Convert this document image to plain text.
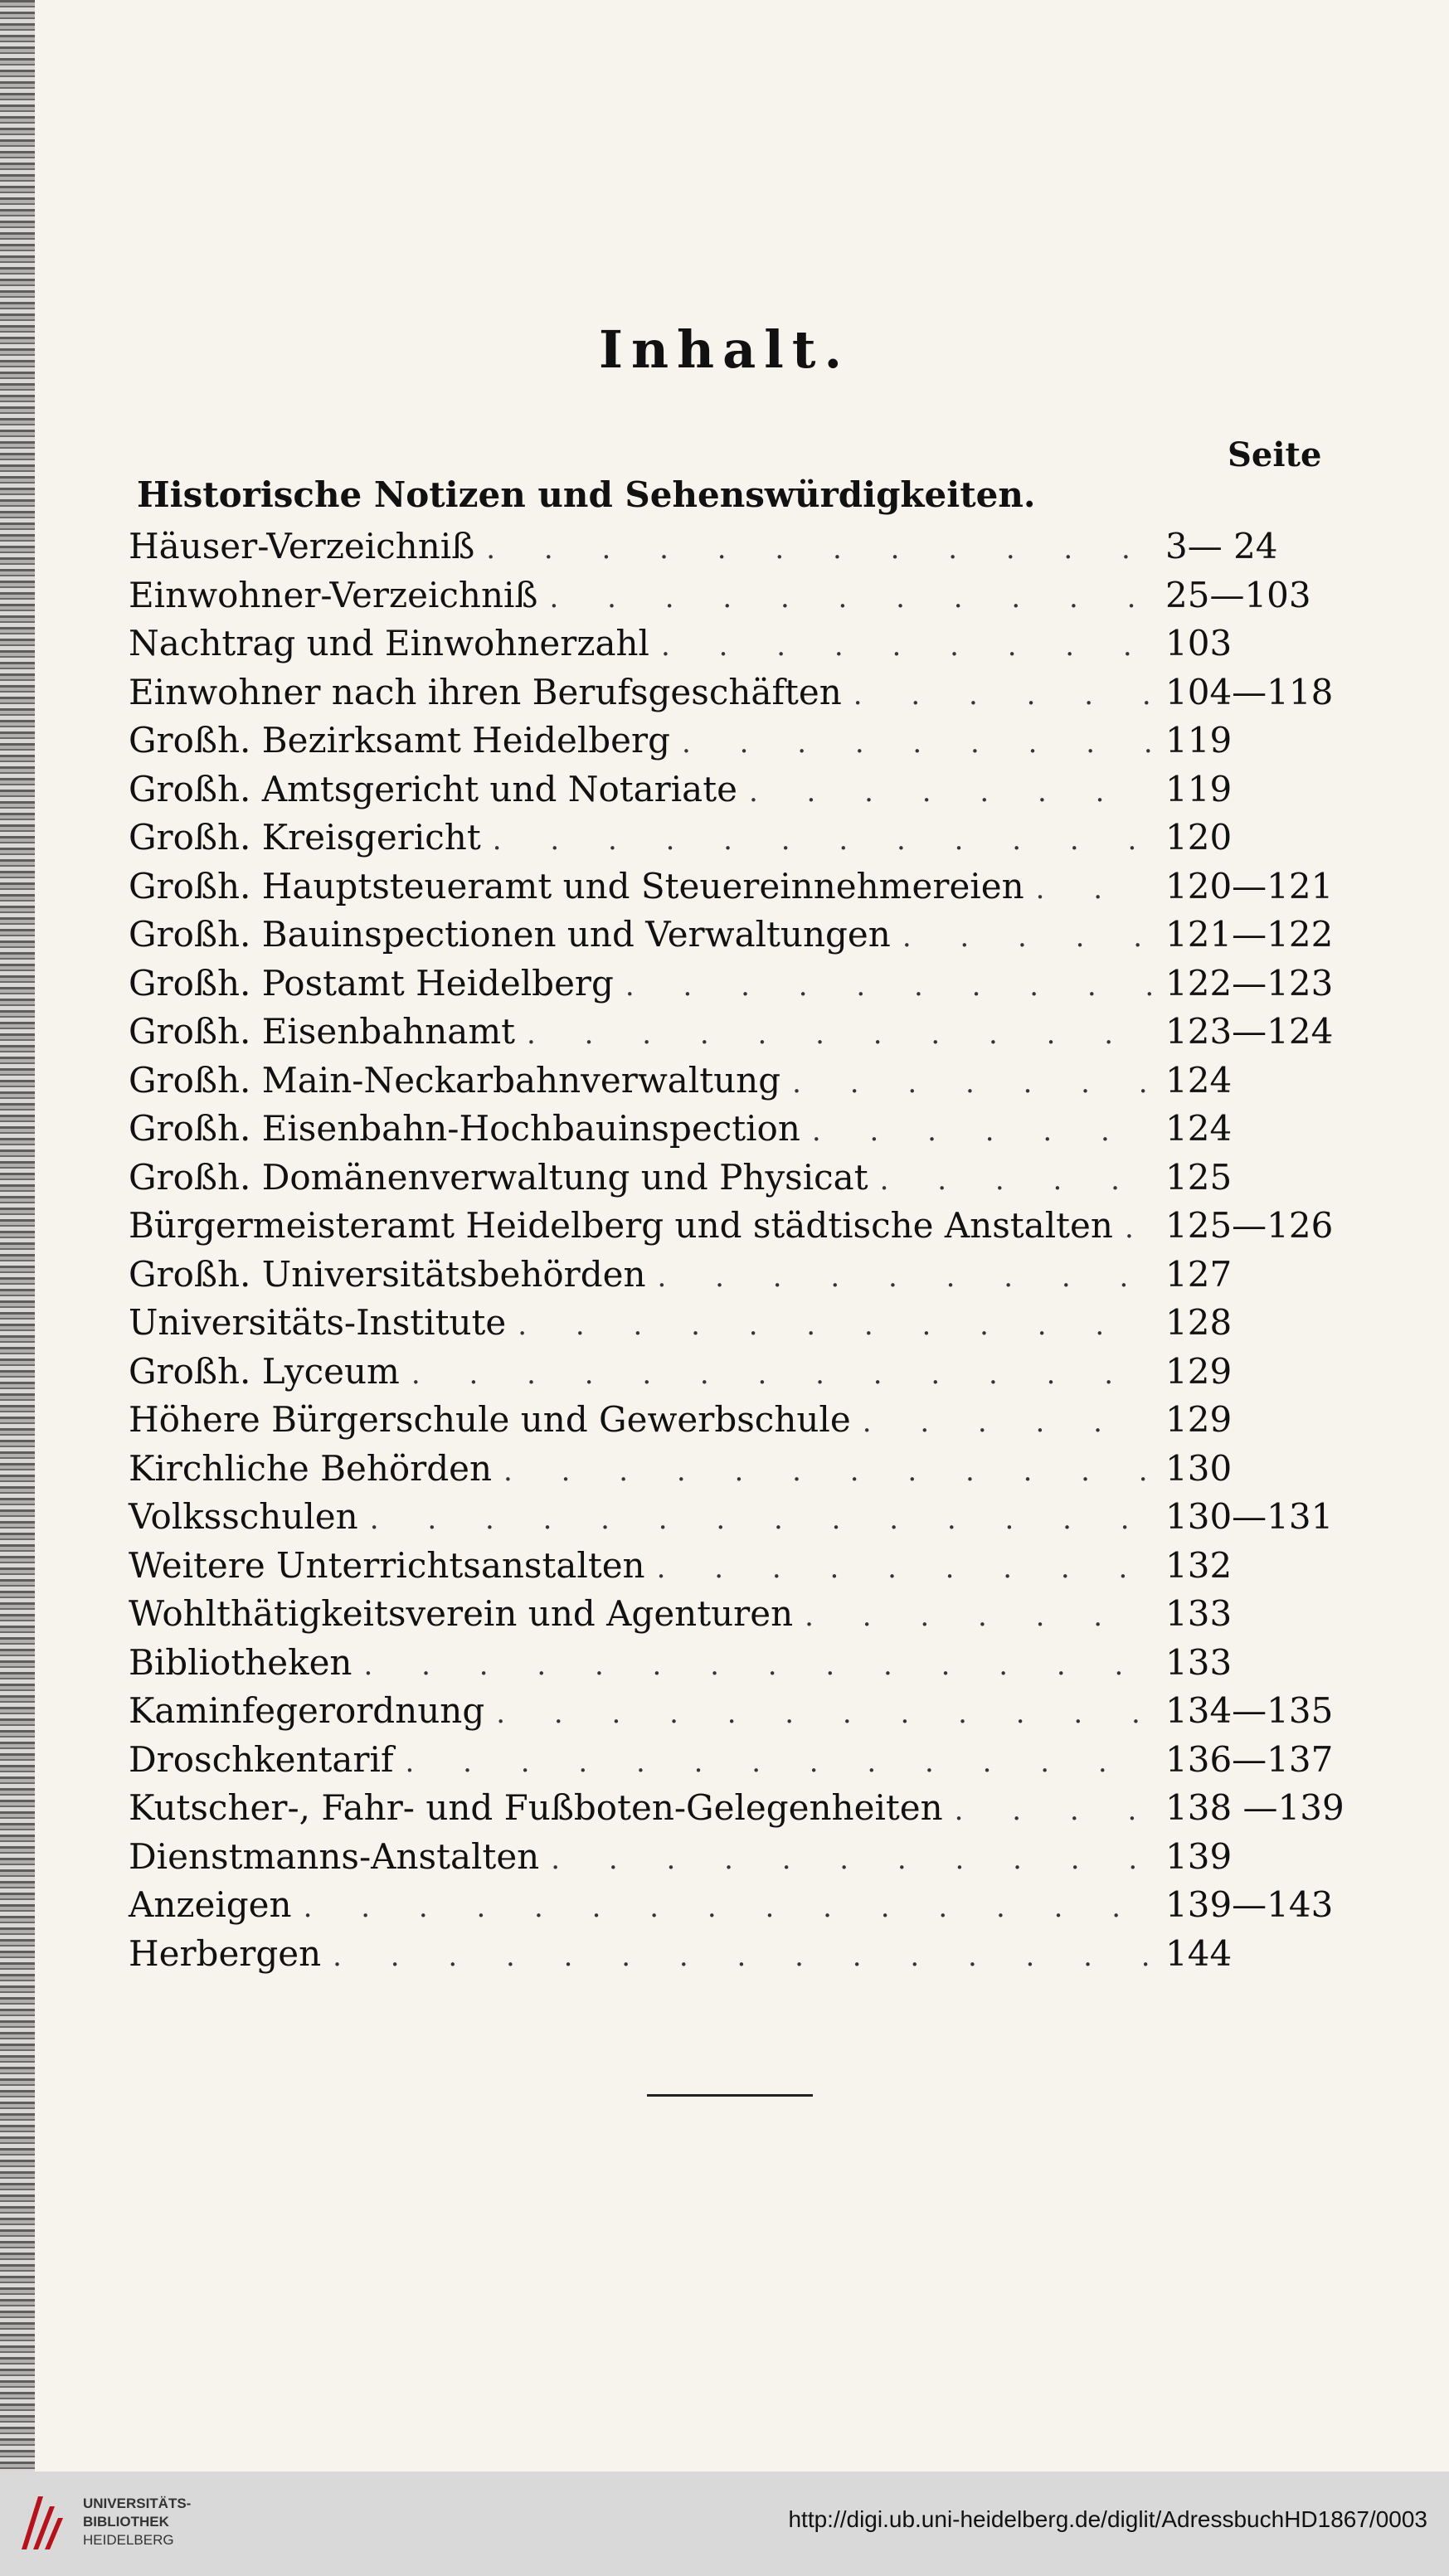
Inhalt.
Seite
Historische Notizen und Sehenswürdigkeiten.
Häuser-Verzeichniß . . .	3— 24
Einwohner-Verzeichniß . . .	25—103
Nachtrag und Einwohnerzahl . . .	103
Einwohner nach ihren Berufsgeschäften . . .	104—118
Großh. Bezirksamt Heidelberg . . .	119
Großh. Amtsgericht und Notariate . . .	119
Großh. Kreisgericht . . .	120
Großh. Hauptsteueramt und Steuereinnehmereien . . .	120—121
Großh. Bauinspectionen und Verwaltungen . . .	121—122
Großh. Postamt Heidelberg . . .	122—123
Großh. Eisenbahnamt . . .	123—124
Großh. Main-Neckarbahnverwaltung . . .	124
Großh. Eisenbahn-Hochbauinspection . . .	124
Großh. Domänenverwaltung und Physicat . . .	125
Bürgermeisteramt Heidelberg und städtische Anstalten . . .	125—126
Großh. Universitätsbehörden . . .	127
Universitäts-Institute . . .	128
Großh. Lyceum . . .	129
Höhere Bürgerschule und Gewerbschule . . .	129
Kirchliche Behörden . . .	130
Volksschulen . . .	130—131
Weitere Unterrichtsanstalten . . .	132
Wohlthätigkeitsverein und Agenturen . . .	133
Bibliotheken . . .	133
Kaminfegerordnung . . .	134—135
Droschkentarif . . .	136—137
Kutscher-, Fahr- und Fußboten-Gelegenheiten . . .	138 —139
Dienstmanns-Anstalten . . .	139
Anzeigen . . .	139—143
Herbergen . . .	144
UNIVERSITÄTS-
BIBLIOTHEK
HEIDELBERG
http://digi.ub.uni-heidelberg.de/diglit/AdressbuchHD1867/0003
